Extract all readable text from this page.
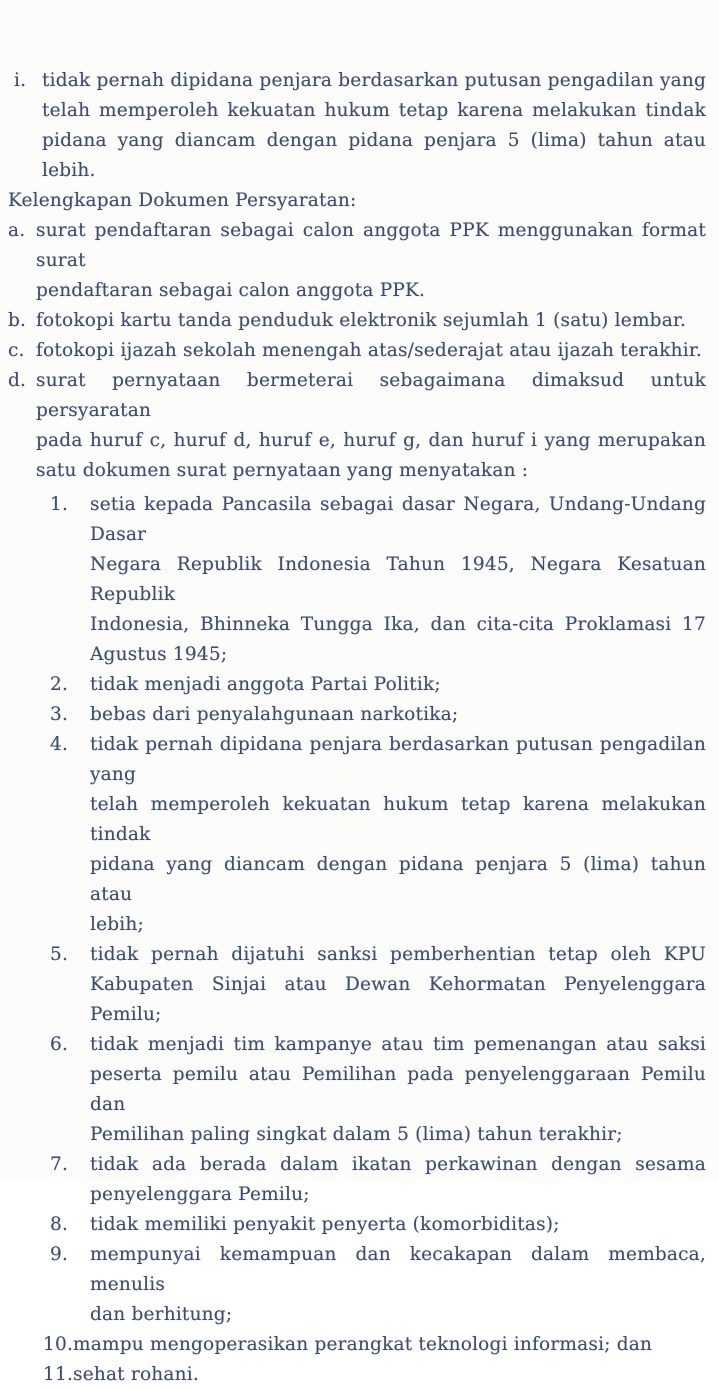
i. tidak pernah dipidana penjara berdasarkan putusan pengadilan yang
telah memperoleh kekuatan hukum tetap karena melakukan tindak
pidana yang diancam dengan pidana penjara 5 (lima) tahun atau lebih.
Kelengkapan Dokumen Persyaratan:
a. surat pendaftaran sebagai calon anggota PPK menggunakan format surat
pendaftaran sebagai calon anggota PPK.
b. fotokopi kartu tanda penduduk elektronik sejumlah 1 (satu) lembar.
c. fotokopi ijazah sekolah menengah atas/sederajat atau ijazah terakhir.
d. surat pernyataan bermeterai sebagaimana dimaksud untuk persyaratan
pada huruf c, huruf d, huruf e, huruf g, dan huruf i yang merupakan
satu dokumen surat pernyataan yang menyatakan :
1. setia kepada Pancasila sebagai dasar Negara, Undang-Undang Dasar
Negara Republik Indonesia Tahun 1945, Negara Kesatuan Republik
Indonesia, Bhinneka Tungga Ika, dan cita-cita Proklamasi 17
Agustus 1945;
2. tidak menjadi anggota Partai Politik;
3. bebas dari penyalahgunaan narkotika;
4. tidak pernah dipidana penjara berdasarkan putusan pengadilan yang
telah memperoleh kekuatan hukum tetap karena melakukan tindak
pidana yang diancam dengan pidana penjara 5 (lima) tahun atau
lebih;
5. tidak pernah dijatuhi sanksi pemberhentian tetap oleh KPU
Kabupaten Sinjai atau Dewan Kehormatan Penyelenggara Pemilu;
6. tidak menjadi tim kampanye atau tim pemenangan atau saksi
peserta pemilu atau Pemilihan pada penyelenggaraan Pemilu dan
Pemilihan paling singkat dalam 5 (lima) tahun terakhir;
7. tidak ada berada dalam ikatan perkawinan dengan sesama
penyelenggara Pemilu;
8. tidak memiliki penyakit penyerta (komorbiditas);
9. mempunyai kemampuan dan kecakapan dalam membaca, menulis
dan berhitung;
10. mampu mengoperasikan perangkat teknologi informasi; dan
11. sehat rohani.
